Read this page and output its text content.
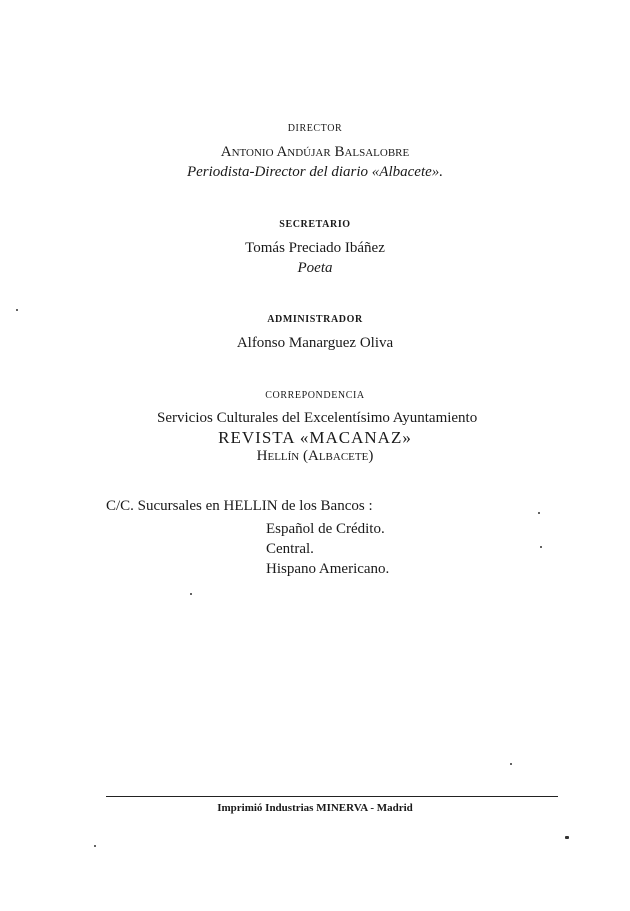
DIRECTOR
Antonio Andújar Balsalobre
Periodista-Director del diario «Albacete».
SECRETARIO
Tomás Preciado Ibáñez
Poeta
ADMINISTRADOR
Alfonso Manarguez Oliva
CORREPONDENCIA
Servicios Culturales del Excelentísimo Ayuntamiento
REVISTA «MACANAZ»
Hellín (Albacete)
C/C. Sucursales en HELLIN de los Bancos :
Español de Crédito.
Central.
Hispano Americano.
Imprimió Industrias MINERVA - Madrid
